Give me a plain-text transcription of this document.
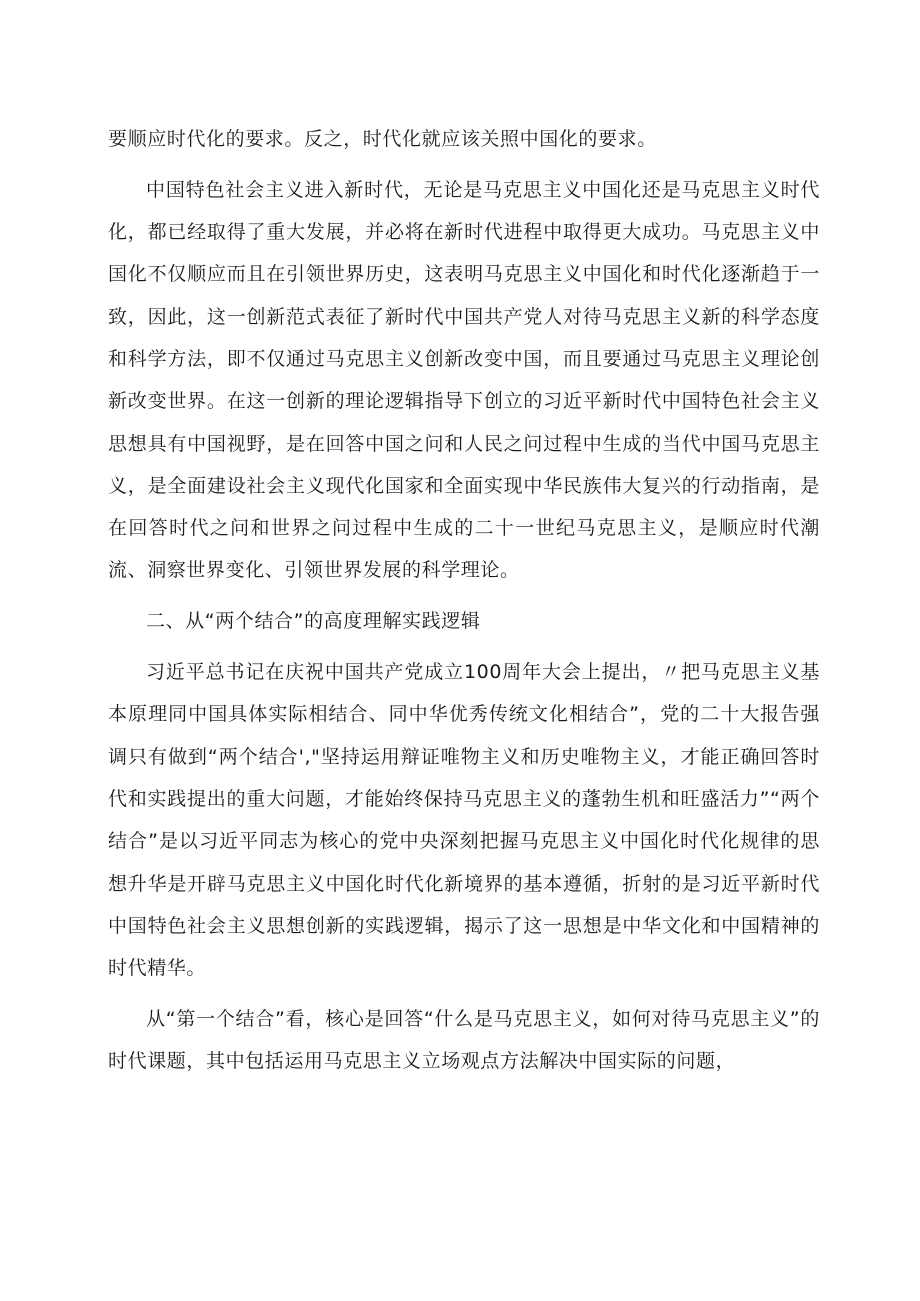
要顺应时代化的要求。反之，时代化就应该关照中国化的要求。

中国特色社会主义进入新时代，无论是马克思主义中国化还是马克思主义时代化，都已经取得了重大发展，并必将在新时代进程中取得更大成功。马克思主义中国化不仅顺应而且在引领世界历史，这表明马克思主义中国化和时代化逐渐趋于一致，因此，这一创新范式表征了新时代中国共产党人对待马克思主义新的科学态度和科学方法，即不仅通过马克思主义创新改变中国，而且要通过马克思主义理论创新改变世界。在这一创新的理论逻辑指导下创立的习近平新时代中国特色社会主义思想具有中国视野，是在回答中国之问和人民之问过程中生成的当代中国马克思主义，是全面建设社会主义现代化国家和全面实现中华民族伟大复兴的行动指南，是在回答时代之问和世界之问过程中生成的二十一世纪马克思主义，是顺应时代潮流、洞察世界变化、引领世界发展的科学理论。

二、从“两个结合”的高度理解实践逻辑

习近平总书记在庆祝中国共产党成立100周年大会上提出，〃把马克思主义基本原理同中国具体实际相结合、同中华优秀传统文化相结合”，党的二十大报告强调只有做到“两个结合',"坚持运用辩证唯物主义和历史唯物主义，才能正确回答时代和实践提出的重大问题，才能始终保持马克思主义的蓬勃生机和旺盛活力”“两个结合”是以习近平同志为核心的党中央深刻把握马克思主义中国化时代化规律的思想升华是开辟马克思主义中国化时代化新境界的基本遵循，折射的是习近平新时代中国特色社会主义思想创新的实践逻辑，揭示了这一思想是中华文化和中国精神的时代精华。

从“第一个结合”看，核心是回答“什么是马克思主义，如何对待马克思主义”的时代课题，其中包括运用马克思主义立场观点方法解决中国实际的问题，
